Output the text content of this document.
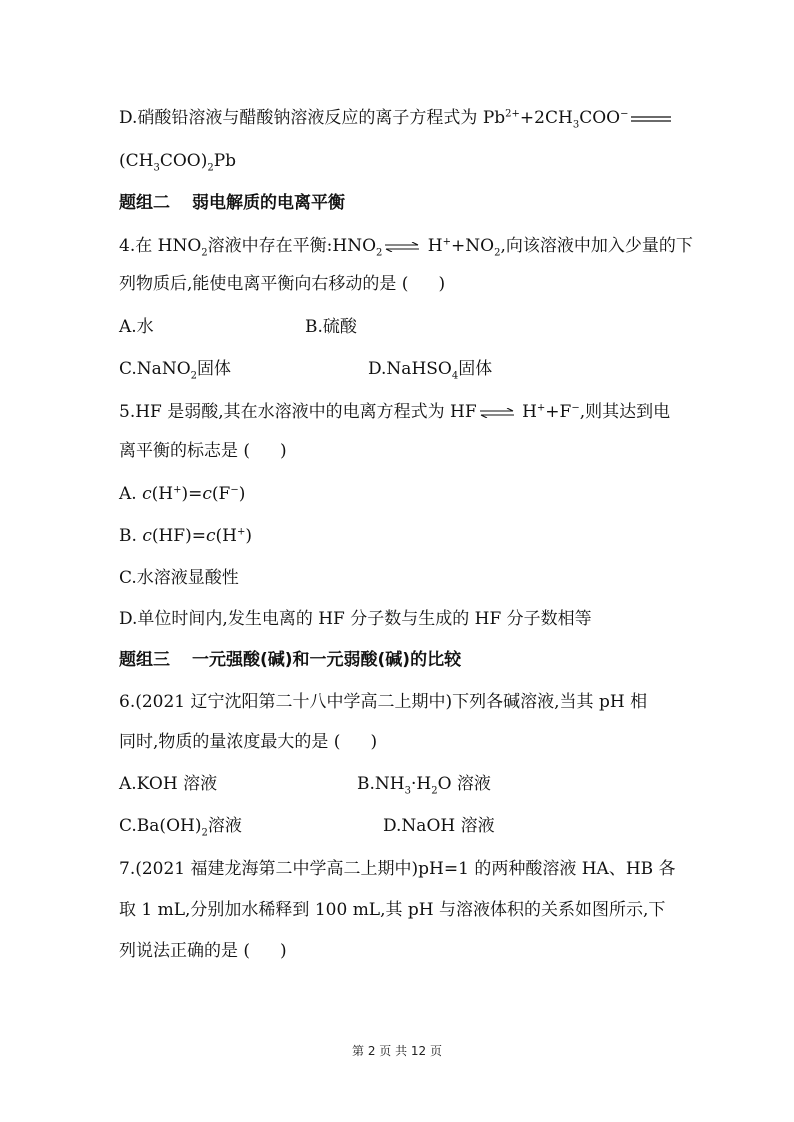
D.硝酸铅溶液与醋酸钠溶液反应的离子方程式为 $Pb^{2+}+2CH_3COO^-$
$(CH_3COO)_2Pb$
题组二 弱电解质的电离平衡
4.在 $HNO_2$溶液中存在平衡$:HNO_2$ ⇌ $H^++NO_2$,向该溶液中加入少量的下
列物质后,能使电离平衡向右移动的是 ( )
A.水	B.硫酸
C.NaNO$_2$固体	D.NaHSO$_4$固体
5.HF 是弱酸,其在水溶液中的电离方程式为 HF ⇌ H++F−,则其达到电
离平衡的标志是 ( )
A. c(H+)=c(F−)
B. c(HF)=c(H+)
C.水溶液显酸性
D.单位时间内,发生电离的 HF 分子数与生成的 HF 分子数相等
题组三 一元强酸(碱)和一元弱酸(碱)的比较
6.(2021 辽宁沈阳第二十八中学高二上期中)下列各碱溶液,当其 pH 相
同时,物质的量浓度最大的是 ( )
A.KOH 溶液	$B.NH_3\cdot H_2O$ 溶液
$C.Ba(OH)_2$溶液	D.NaOH 溶液
7.(2021 福建龙海第二中学高二上期中)pH=1 的两种酸溶液 HA、HB 各
取 1 mL,分别加水稀释到 100 mL,其 pH 与溶液体积的关系如图所示,下
列说法正确的是 ( )
第 2 页 共 12 页
